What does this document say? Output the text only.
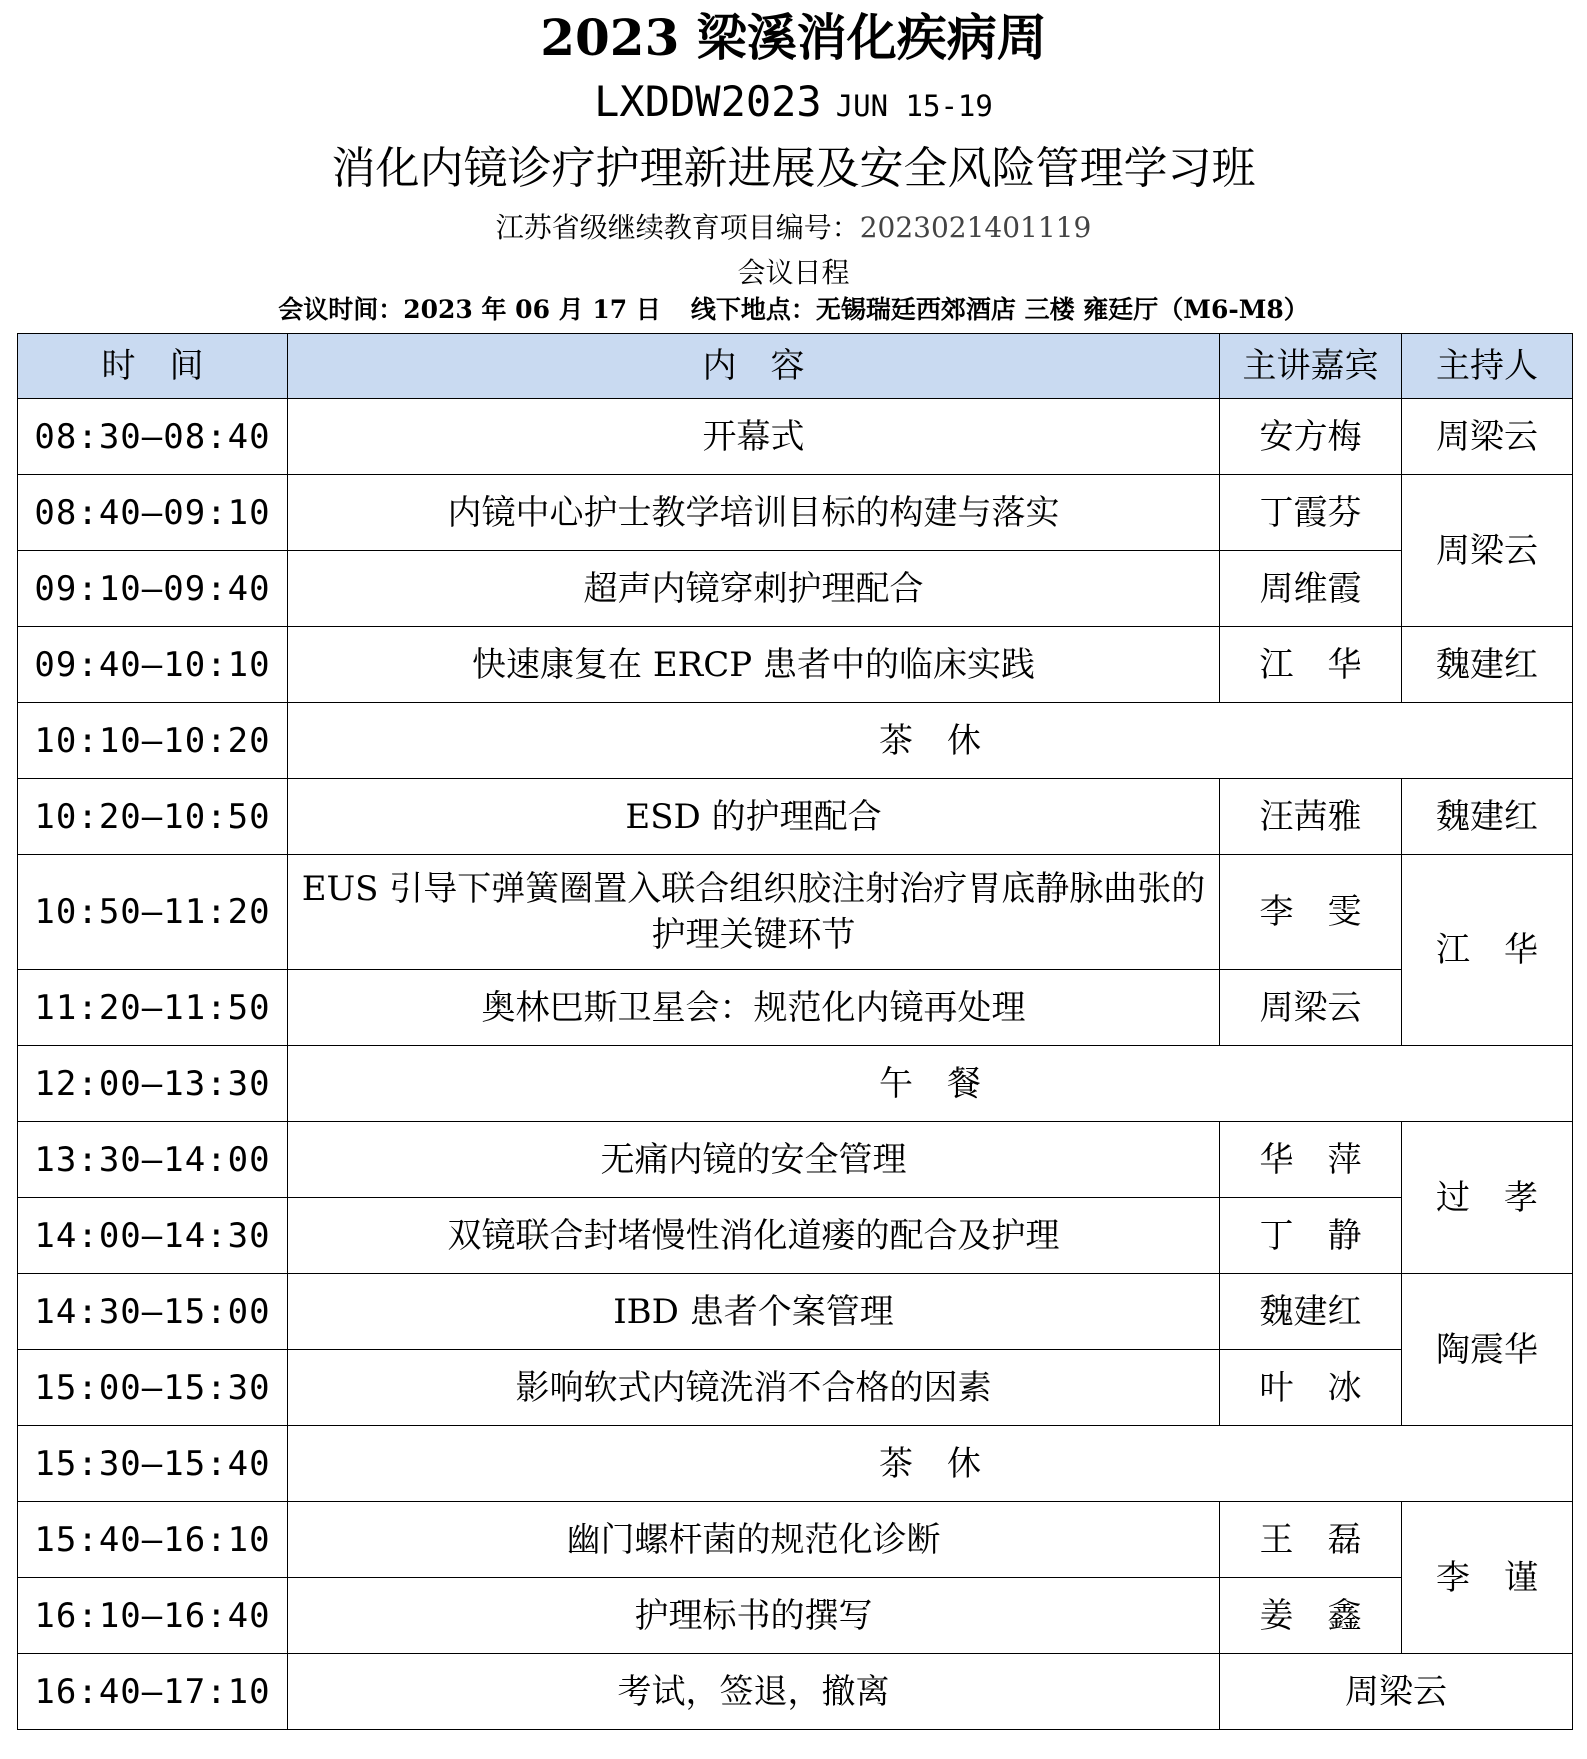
2023 梁溪消化疾病周
LXDDW2023 JUN 15-19
消化内镜诊疗护理新进展及安全风险管理学习班
江苏省级继续教育项目编号：2023021401119
会议日程
会议时间：2023 年 06 月 17 日 线下地点：无锡瑞廷西郊酒店 三楼 雍廷厅（M6-M8）
时　间	内　容	主讲嘉宾	主持人
08:30—08:40	开幕式	安方梅	周梁云
08:40—09:10	内镜中心护士教学培训目标的构建与落实	丁霞芬	周梁云
09:10—09:40	超声内镜穿刺护理配合	周维霞	
09:40—10:10	快速康复在 ERCP 患者中的临床实践	江　华	魏建红
10:10—10:20	茶　休		
10:20—10:50	ESD 的护理配合	汪茜雅	魏建红
10:50—11:20	EUS 引导下弹簧圈置入联合组织胶注射治疗胃底静脉曲张的护理关键环节	李　雯	江　华
11:20—11:50	奥林巴斯卫星会：规范化内镜再处理	周梁云	
12:00—13:30	午　餐		
13:30—14:00	无痛内镜的安全管理	华　萍	过　孝
14:00—14:30	双镜联合封堵慢性消化道瘘的配合及护理	丁　静	
14:30—15:00	IBD 患者个案管理	魏建红	陶震华
15:00—15:30	影响软式内镜洗消不合格的因素	叶　冰	
15:30—15:40	茶　休		
15:40—16:10	幽门螺杆菌的规范化诊断	王　磊	李　谨
16:10—16:40	护理标书的撰写	姜　鑫	
16:40—17:10	考试，签退，撤离	周梁云	
